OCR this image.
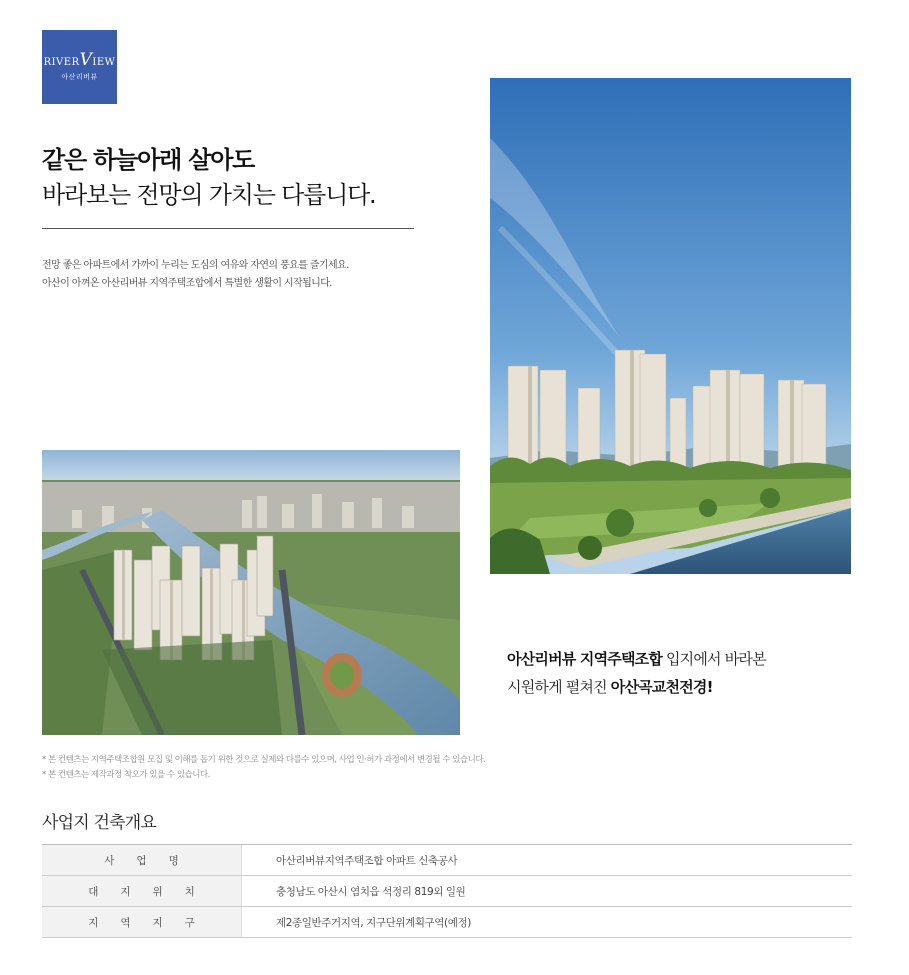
RIVERVIEW
아산리버뷰
같은 하늘아래 살아도
바라보는 전망의 가치는 다릅니다.
전망 좋은 아파트에서 가까이 누리는 도심의 여유와 자연의 풍요를 즐기세요.
아산이 아껴온 아산리버뷰 지역주택조합에서 특별한 생활이 시작됩니다.
아산리버뷰 지역주택조합 입지에서 바라본
시원하게 펼쳐진 아산곡교천전경!
* 본 컨텐츠는 지역주택조합원 모집 및 이해를 돕기 위한 것으로 실제와 다를수 있으며, 사업 인·허가 과정에서 변경될 수 있습니다.
* 본 컨텐츠는 제작과정 착오가 있을 수 있습니다.
사업지 건축개요
사업명	아산리버뷰지역주택조합 아파트 신축공사
대지위치	충청남도 아산시 염치읍 석정리 819외 일원
지역지구	제2종일반주거지역, 지구단위계획구역(예정)
